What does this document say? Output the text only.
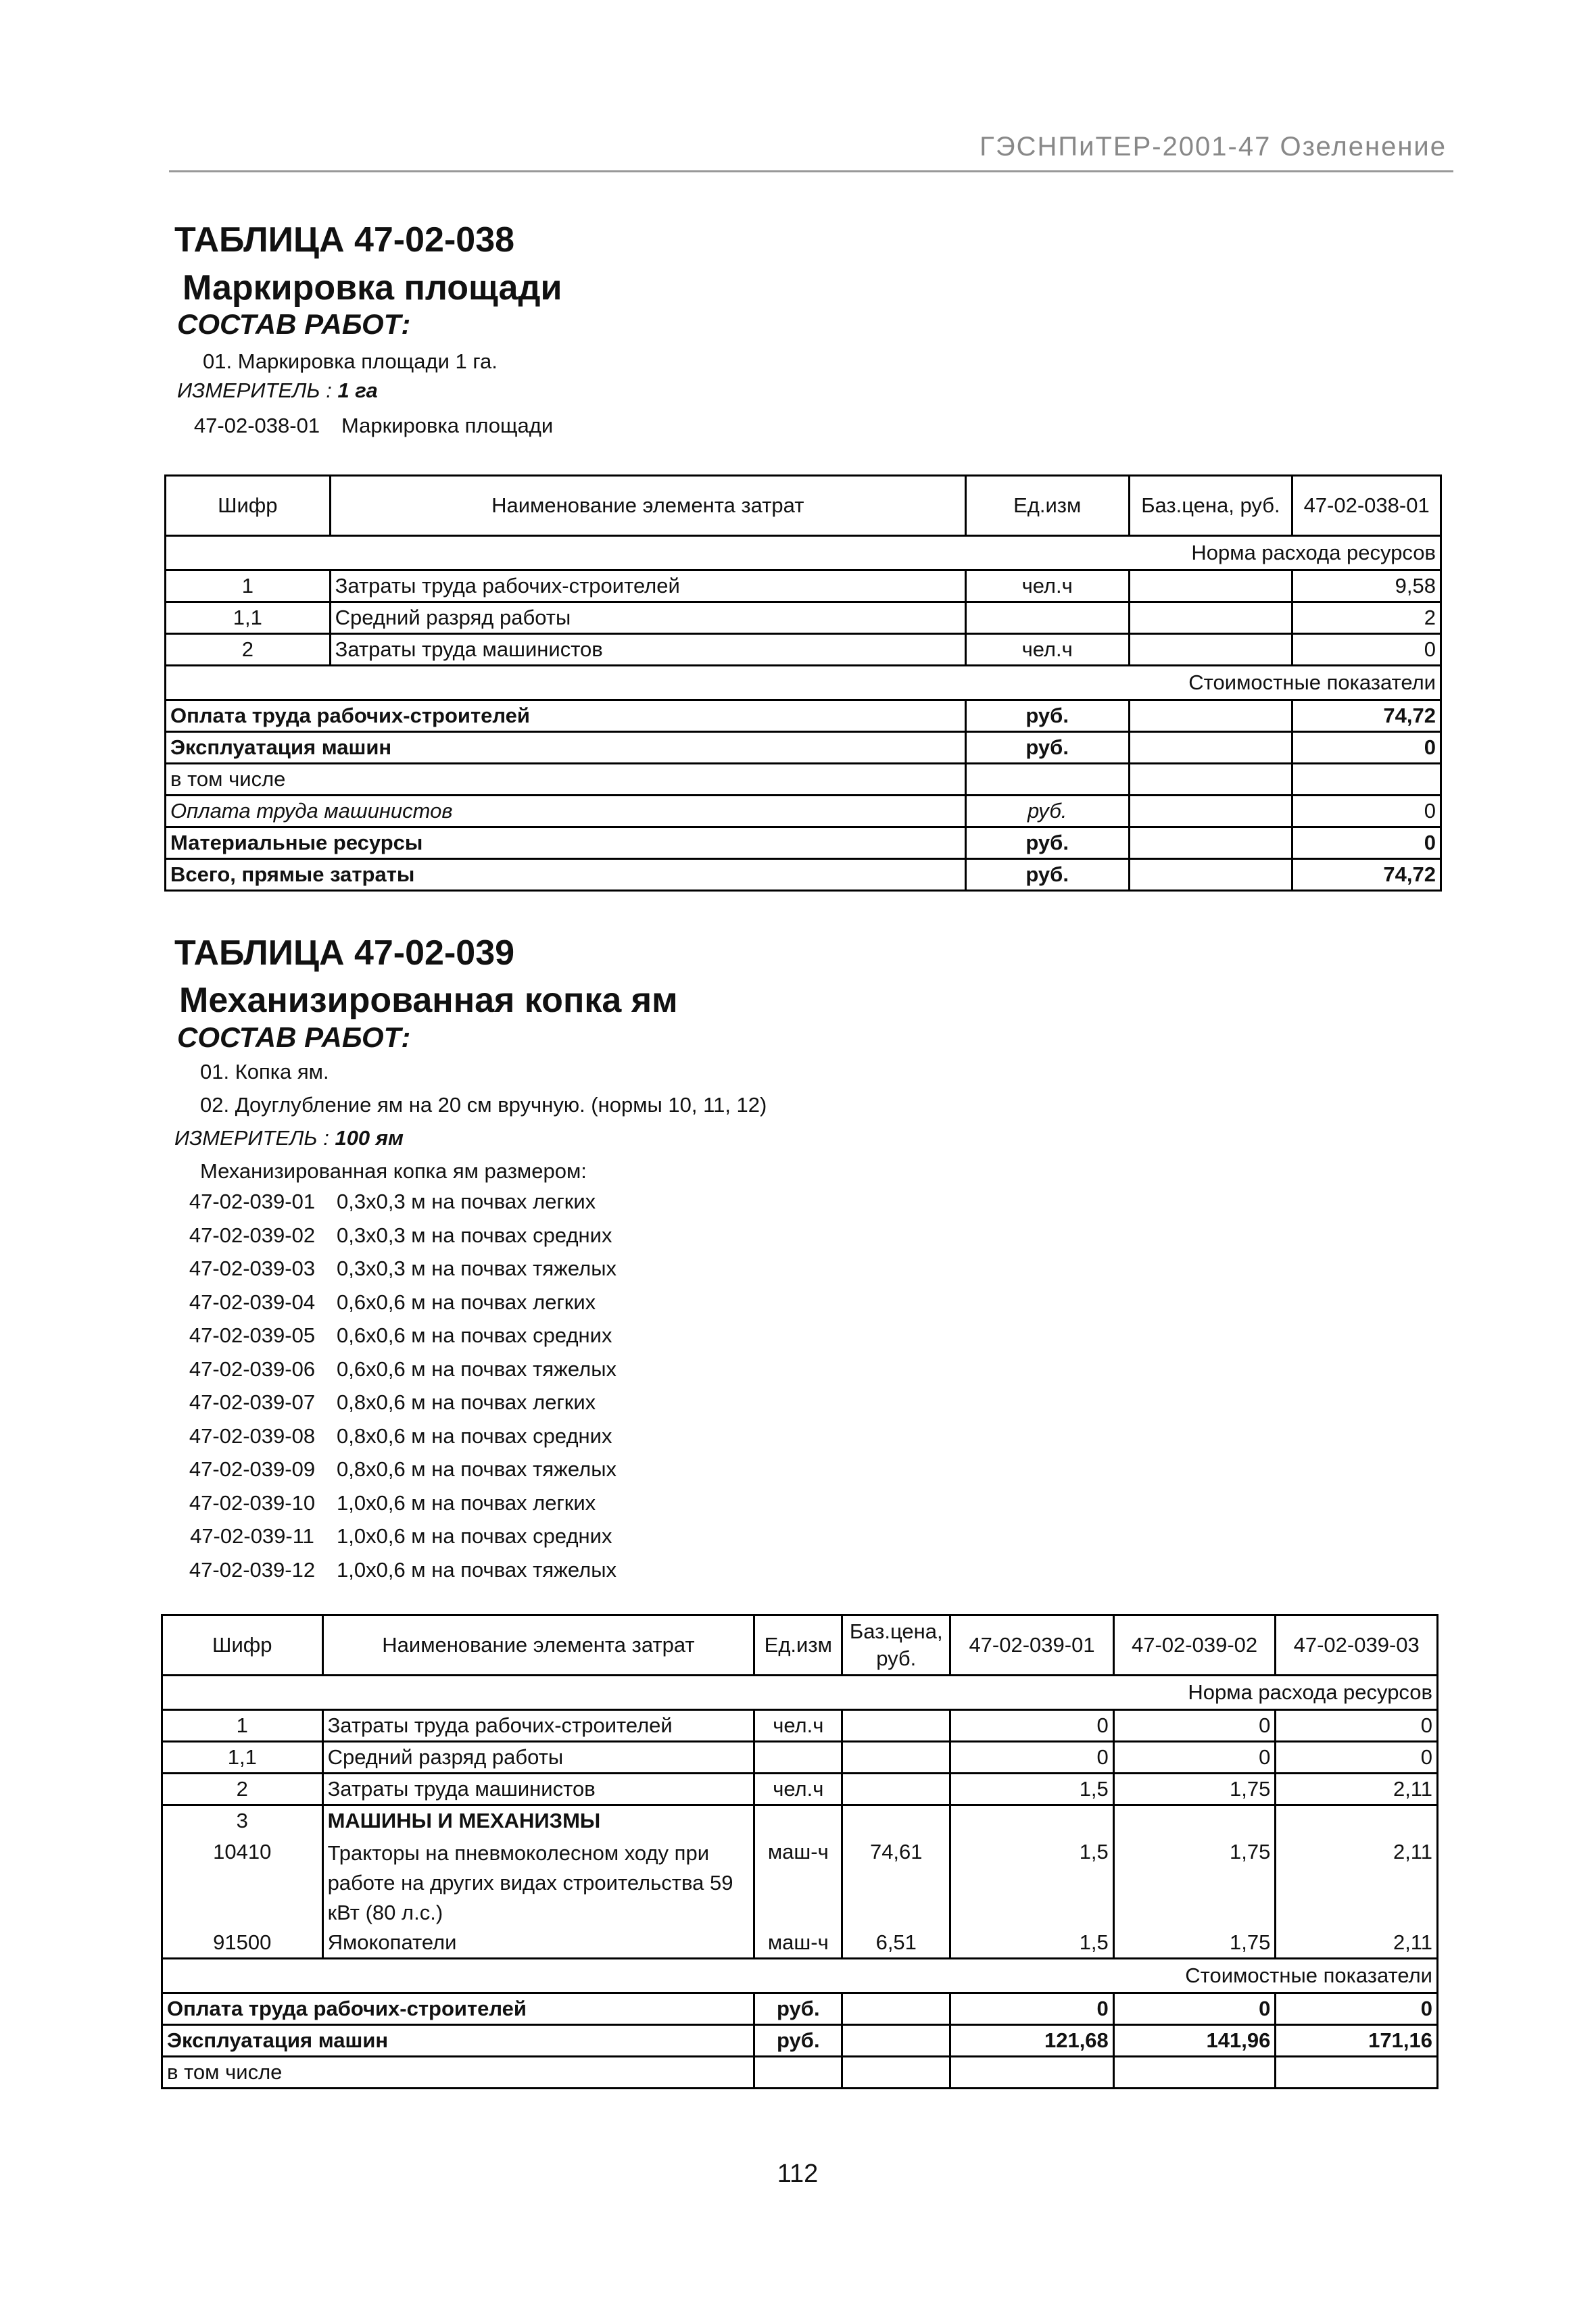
ГЭСНПиТЕР-2001-47 Озеленение
ТАБЛИЦА 47-02-038
Маркировка площади
СОСТАВ РАБОТ:
01. Маркировка площади 1 га.
ИЗМЕРИТЕЛЬ : 1 га
47-02-038-01 Маркировка площади
Шифр	Наименование элемента затрат	Ед.изм	Баз.цена, руб.	47-02-038-01
Норма расхода ресурсов				
1	Затраты труда рабочих-строителей	чел.ч		9,58
1,1	Средний разряд работы			2
2	Затраты труда машинистов	чел.ч		0
Стоимостные показатели				
Оплата труда рабочих-строителей		руб.		74,72
Эксплуатация машин		руб.		0
в том числе				
Оплата труда машинистов		руб.		0
Материальные ресурсы		руб.		0
Всего, прямые затраты		руб.		74,72
ТАБЛИЦА 47-02-039
Механизированная копка ям
СОСТАВ РАБОТ:
01. Копка ям.
02. Доуглубление ям на 20 см вручную. (нормы 10, 11, 12)
ИЗМЕРИТЕЛЬ : 100 ям
Механизированная копка ям размером:
47-02-039-01 0,3х0,3 м на почвах легких
47-02-039-02 0,3х0,3 м на почвах средних
47-02-039-03 0,3х0,3 м на почвах тяжелых
47-02-039-04 0,6х0,6 м на почвах легких
47-02-039-05 0,6х0,6 м на почвах средних
47-02-039-06 0,6х0,6 м на почвах тяжелых
47-02-039-07 0,8х0,6 м на почвах легких
47-02-039-08 0,8х0,6 м на почвах средних
47-02-039-09 0,8х0,6 м на почвах тяжелых
47-02-039-10 1,0х0,6 м на почвах легких
47-02-039-11 1,0х0,6 м на почвах средних
47-02-039-12 1,0х0,6 м на почвах тяжелых
Шифр	Наименование элемента затрат	Ед.изм	Баз.цена, руб.	47-02-039-01	47-02-039-02	47-02-039-03
Норма расхода ресурсов						
1	Затраты труда рабочих-строителей	чел.ч		0	0	0
1,1	Средний разряд работы			0	0	0
2	Затраты труда машинистов	чел.ч		1,5	1,75	2,11
3	МАШИНЫ И МЕХАНИЗМЫ					
10410	Тракторы на пневмоколесном ходу при работе на других видах строительства 59 кВт (80 л.с.)	маш-ч	74,61	1,5	1,75	2,11
91500	Ямокопатели	маш-ч	6,51	1,5	1,75	2,11
Стоимостные показатели						
Оплата труда рабочих-строителей		руб.		0	0	0
Эксплуатация машин		руб.		121,68	141,96	171,16
в том числе						
112
